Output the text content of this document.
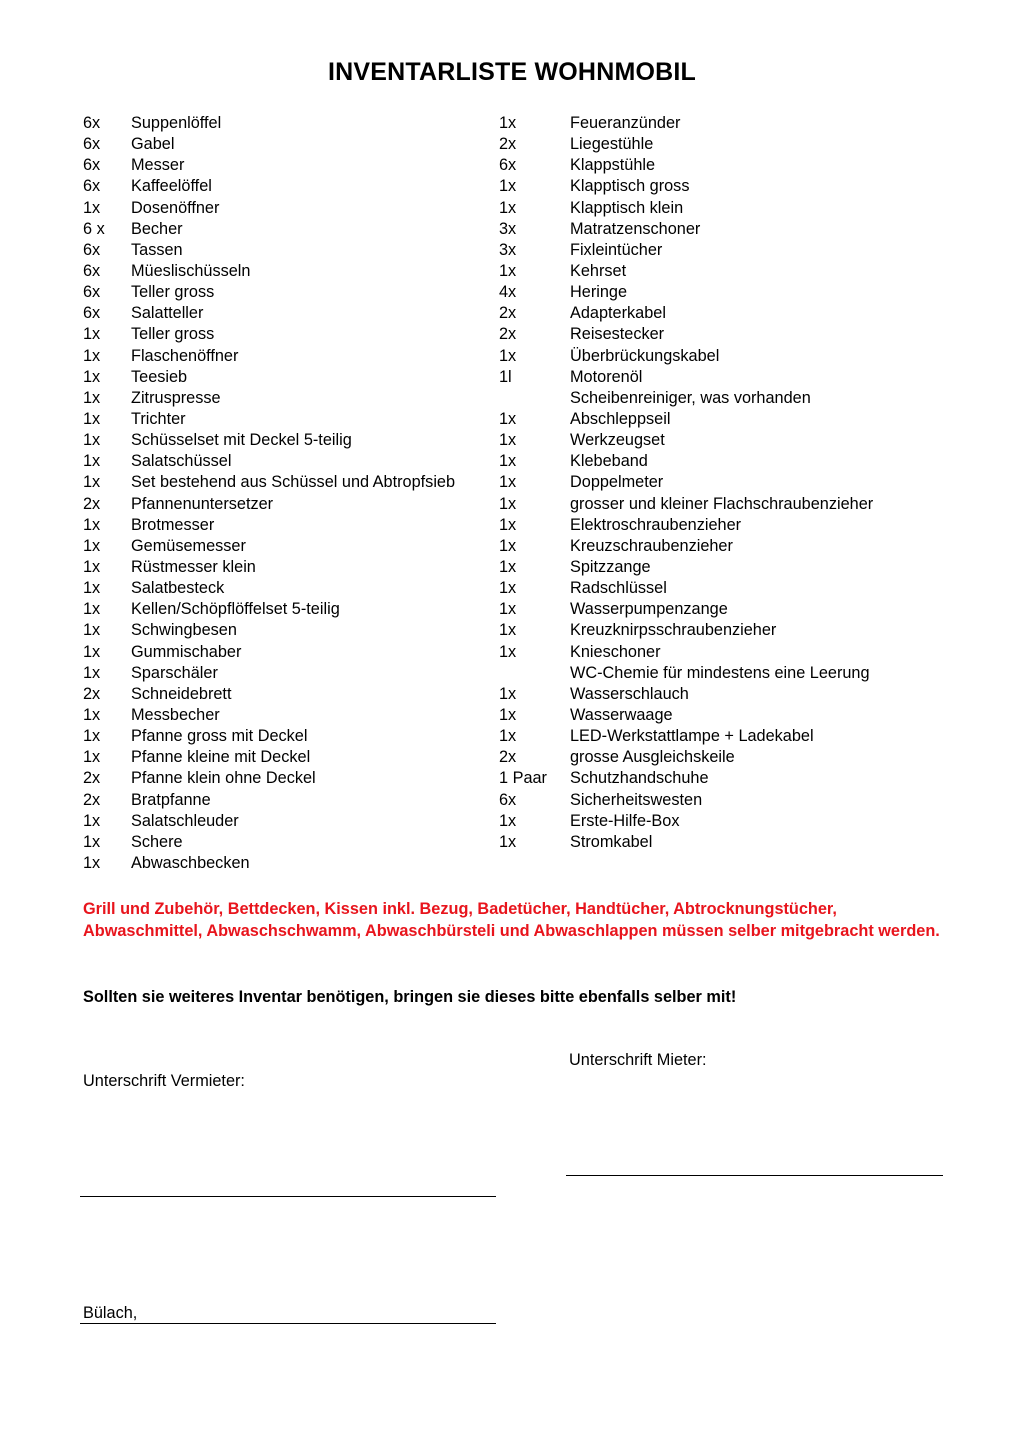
INVENTARLISTE WOHNMOBIL
6x Suppenlöffel
6x Gabel
6x Messer
6x Kaffeelöffel
1x Dosenöffner
6 x Becher
6x Tassen
6x Müeslischüsseln
6x Teller gross
6x Salatteller
1x Teller gross
1x Flaschenöffner
1x Teesieb
1x Zitruspresse
1x Trichter
1x Schüsselset mit Deckel 5-teilig
1x Salatschüssel
1x Set bestehend aus Schüssel und Abtropfsieb
2x Pfannenuntersetzer
1x Brotmesser
1x Gemüsemesser
1x Rüstmesser klein
1x Salatbesteck
1x Kellen/Schöpflöffelset 5-teilig
1x Schwingbesen
1x Gummischaber
1x Sparschäler
2x Schneidebrett
1x Messbecher
1x Pfanne gross mit Deckel
1x Pfanne kleine mit Deckel
2x Pfanne klein ohne Deckel
2x Bratpfanne
1x Salatschleuder
1x Schere
1x Abwaschbecken
1x	Feueranzünder
2x	Liegestühle
6x	Klappstühle
1x	Klapptisch gross
1x	Klapptisch klein
3x	Matratzenschoner
3x	Fixleintücher
1x	Kehrset
4x	Heringe
2x	Adapterkabel
2x	Reisestecker
1x	Überbrückungskabel
1l	Motorenöl
Scheibenreiniger, was vorhanden
1x	Abschleppseil
1x	Werkzeugset
1x	Klebeband
1x	Doppelmeter
1x	grosser und kleiner Flachschraubenzieher
1x	Elektroschraubenzieher
1x	Kreuzschraubenzieher
1x	Spitzzange
1x	Radschlüssel
1x	Wasserpumpenzange
1x	Kreuzknirpsschraubenzieher
1x	Knieschoner
WC-Chemie für mindestens eine Leerung
1x	Wasserschlauch
1x	Wasserwaage
1x	LED-Werkstattlampe + Ladekabel
2x	grosse Ausgleichskeile
1 Paar Schutzhandschuhe
6x	Sicherheitswesten
1x	Erste-Hilfe-Box
1x	Stromkabel
Grill und Zubehör, Bettdecken, Kissen inkl. Bezug, Badetücher, Handtücher, Abtrocknungstücher, Abwaschmittel, Abwaschschwamm, Abwaschbürsteli und Abwaschlappen müssen selber mitgebracht werden.
Sollten sie weiteres Inventar benötigen, bringen sie dieses bitte ebenfalls selber mit!
Unterschrift Mieter:
Unterschrift Vermieter:
Bülach,
